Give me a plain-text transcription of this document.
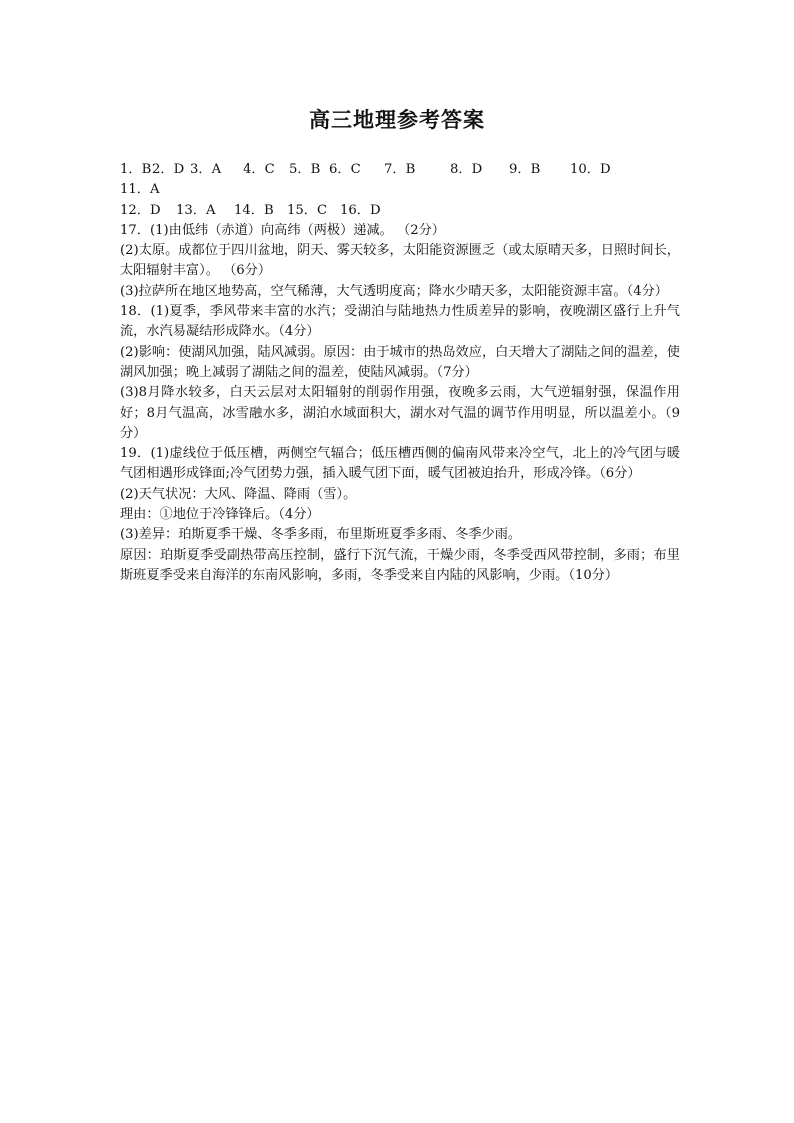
高三地理参考答案
1．B 2．D 3．A	4．C	5．B 6．C	7．B	8．D	9．B	10．D
11．A
12．D	13．A	14．B	15．C 16．D
17．(1)由低纬（赤道）向高纬（两极）递减。 （2分）
(2)太原。成都位于四川盆地，阴天、雾天较多，太阳能资源匮乏（或太原晴天多，日照时间长，太阳辐射丰富）。 （6分）
(3)拉萨所在地区地势高，空气稀薄，大气透明度高；降水少晴天多，太阳能资源丰富。（4分）
18．(1)夏季，季风带来丰富的水汽；受湖泊与陆地热力性质差异的影响，夜晚湖区盛行上升气流，水汽易凝结形成降水。（4分）
(2)影响：使湖风加强，陆风减弱。原因：由于城市的热岛效应，白天增大了湖陆之间的温差，使湖风加强；晚上减弱了湖陆之间的温差，使陆风减弱。（7分）
(3)8月降水较多，白天云层对太阳辐射的削弱作用强，夜晚多云雨，大气逆辐射强，保温作用好；8月气温高，冰雪融水多，湖泊水域面积大，湖水对气温的调节作用明显，所以温差小。（9分）
19．(1)虚线位于低压槽，两侧空气辐合；低压槽西侧的偏南风带来冷空气，北上的冷气团与暖气团相遇形成锋面;冷气团势力强，插入暖气团下面，暖气团被迫抬升，形成冷锋。（6分）
(2)天气状况：大风、降温、降雨（雪）。
理由：①地位于冷锋锋后。（4分）
(3)差异：珀斯夏季干燥、冬季多雨，布里斯班夏季多雨、冬季少雨。
原因：珀斯夏季受副热带高压控制，盛行下沉气流，干燥少雨，冬季受西风带控制，多雨；布里斯班夏季受来自海洋的东南风影响，多雨，冬季受来自内陆的风影响，少雨。（10分）
